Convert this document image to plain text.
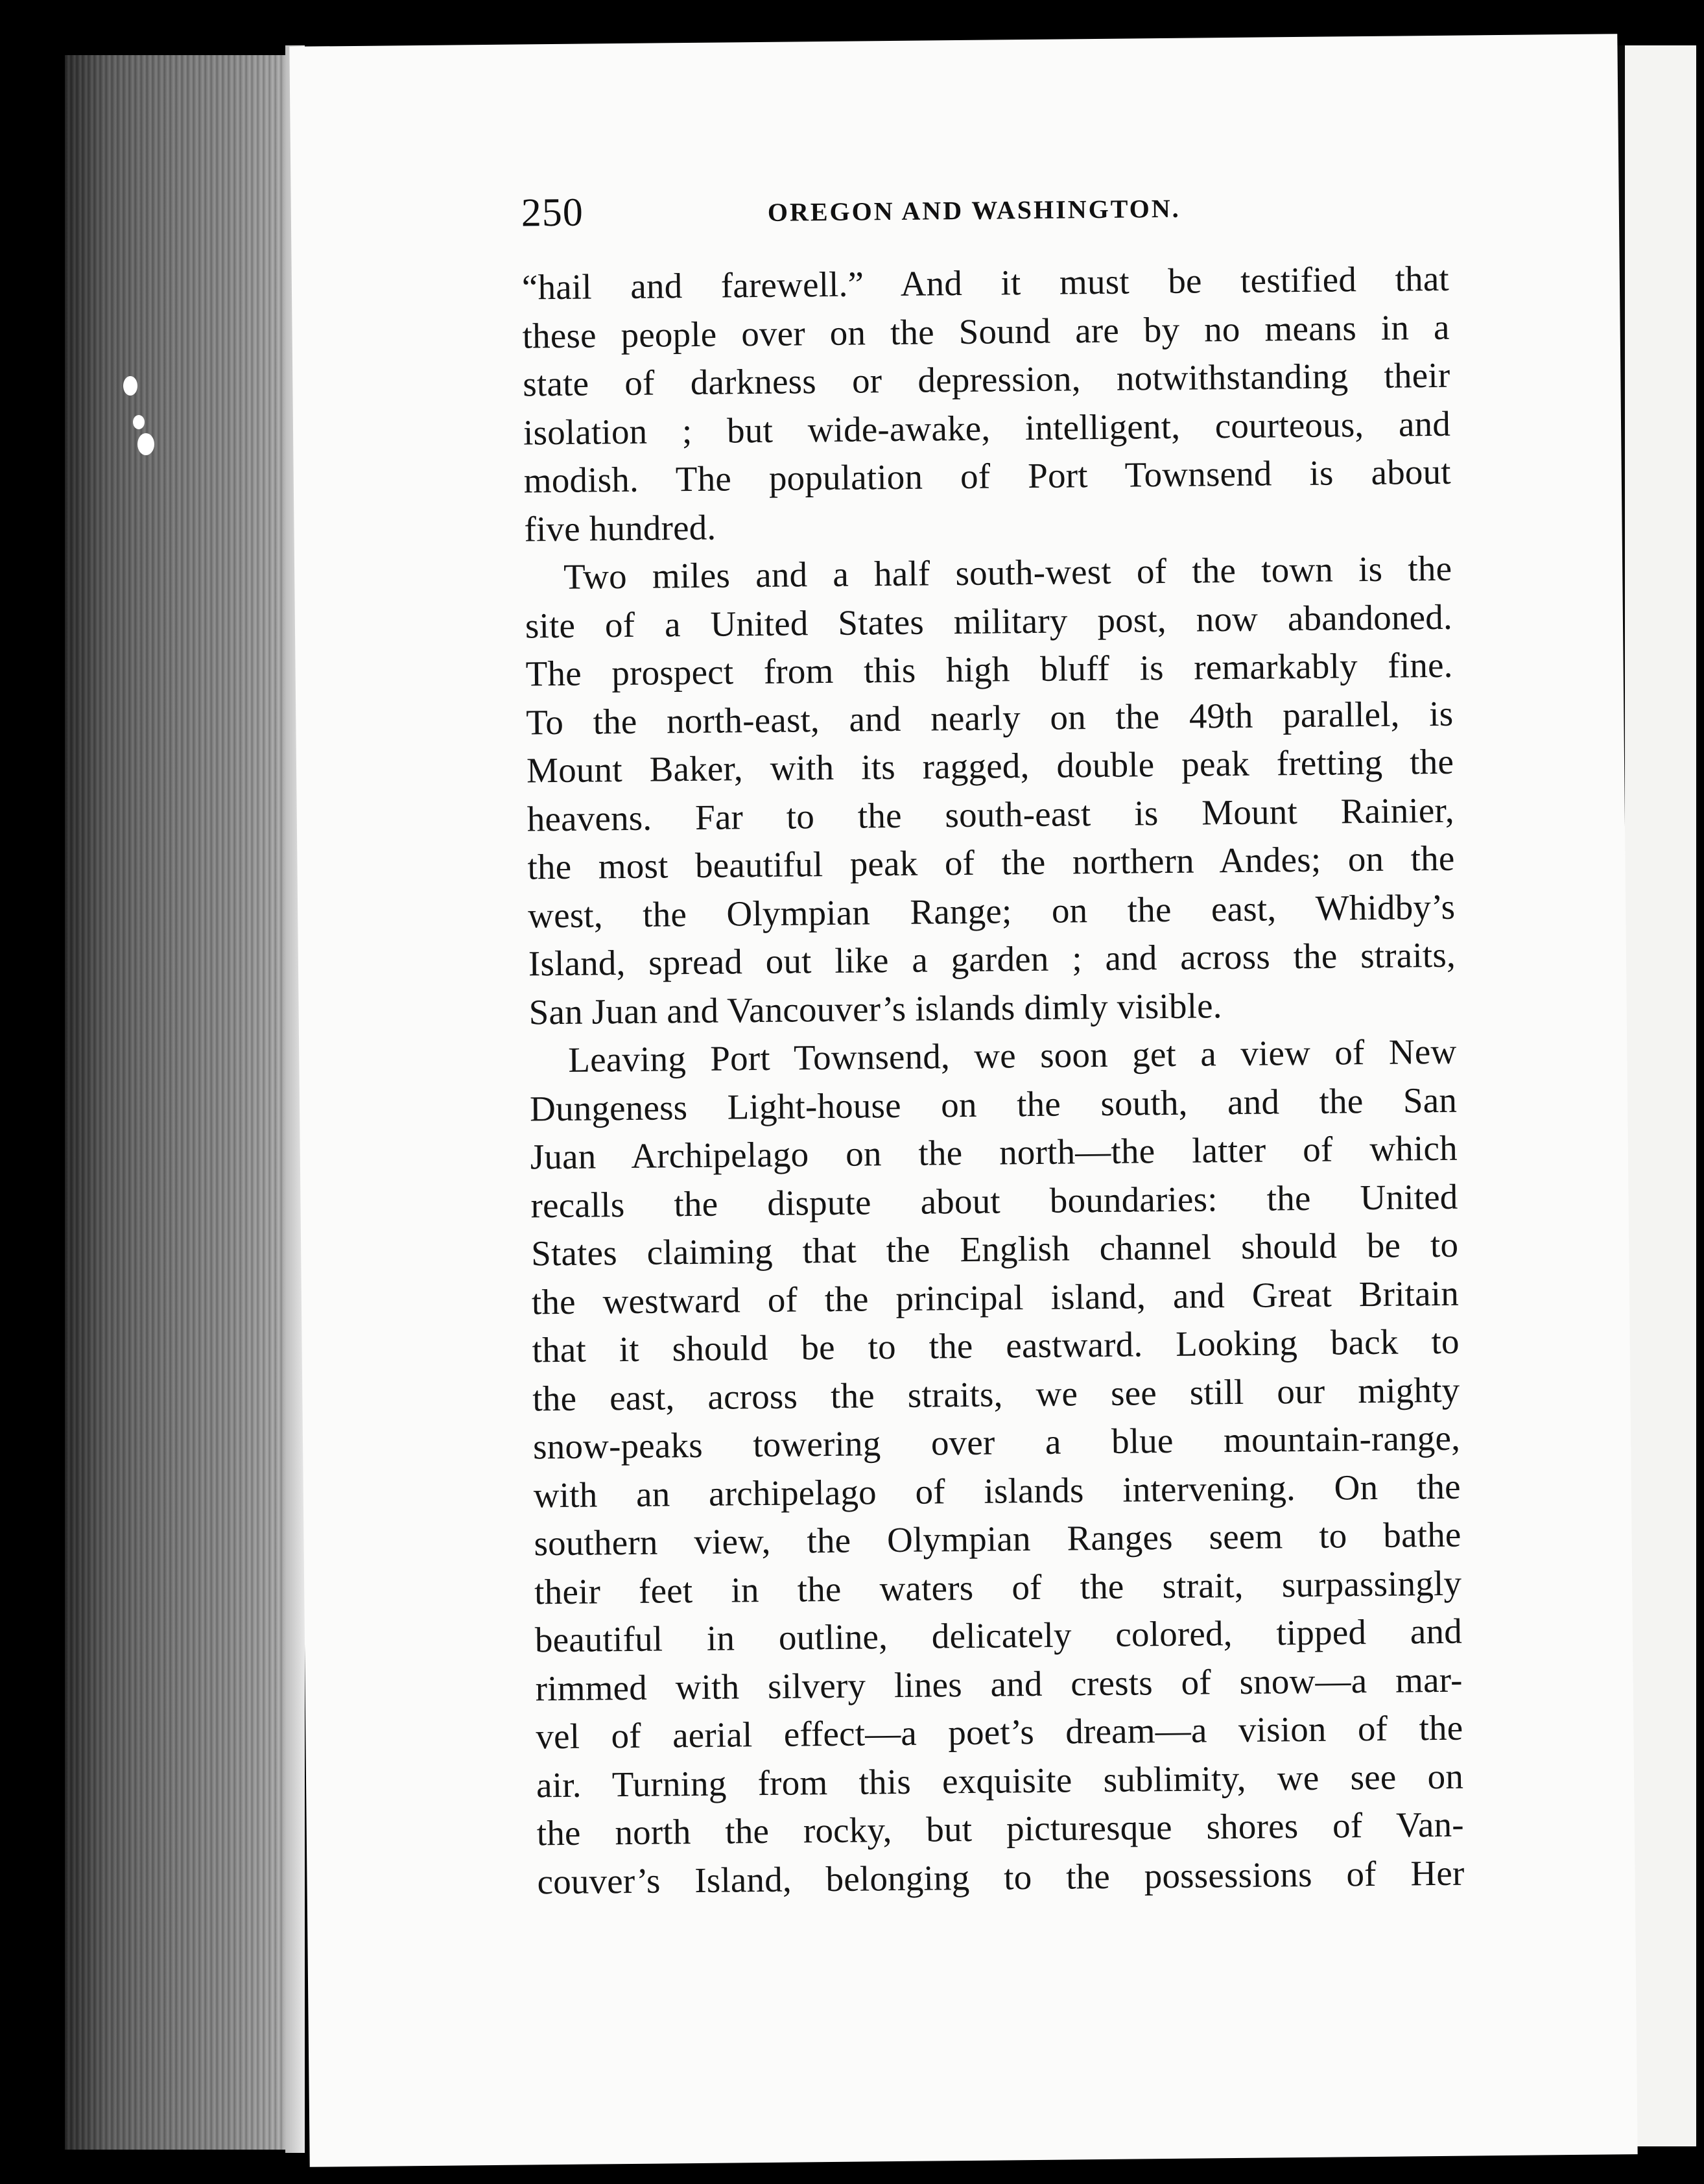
250	OREGON AND WASHINGTON.
“hail and farewell.” And it must be testified that
these people over on the Sound are by no means in a
state of darkness or depression, notwithstanding their
isolation ; but wide-awake, intelligent, courteous, and
modish. The population of Port Townsend is about
five hundred.
Two miles and a half south-west of the town is the
site of a United States military post, now abandoned.
The prospect from this high bluff is remarkably fine.
To the north-east, and nearly on the 49th parallel, is
Mount Baker, with its ragged, double peak fretting the
heavens. Far to the south-east is Mount Rainier,
the most beautiful peak of the northern Andes; on the
west, the Olympian Range; on the east, Whidby’s
Island, spread out like a garden ; and across the straits,
San Juan and Vancouver’s islands dimly visible.
Leaving Port Townsend, we soon get a view of New
Dungeness Light-house on the south, and the San
Juan Archipelago on the north—the latter of which
recalls the dispute about boundaries: the United
States claiming that the English channel should be to
the westward of the principal island, and Great Britain
that it should be to the eastward. Looking back to
the east, across the straits, we see still our mighty
snow-peaks towering over a blue mountain-range,
with an archipelago of islands intervening. On the
southern view, the Olympian Ranges seem to bathe
their feet in the waters of the strait, surpassingly
beautiful in outline, delicately colored, tipped and
rimmed with silvery lines and crests of snow—a mar-
vel of aerial effect—a poet’s dream—a vision of the
air. Turning from this exquisite sublimity, we see on
the north the rocky, but picturesque shores of Van-
couver’s Island, belonging to the possessions of Her
